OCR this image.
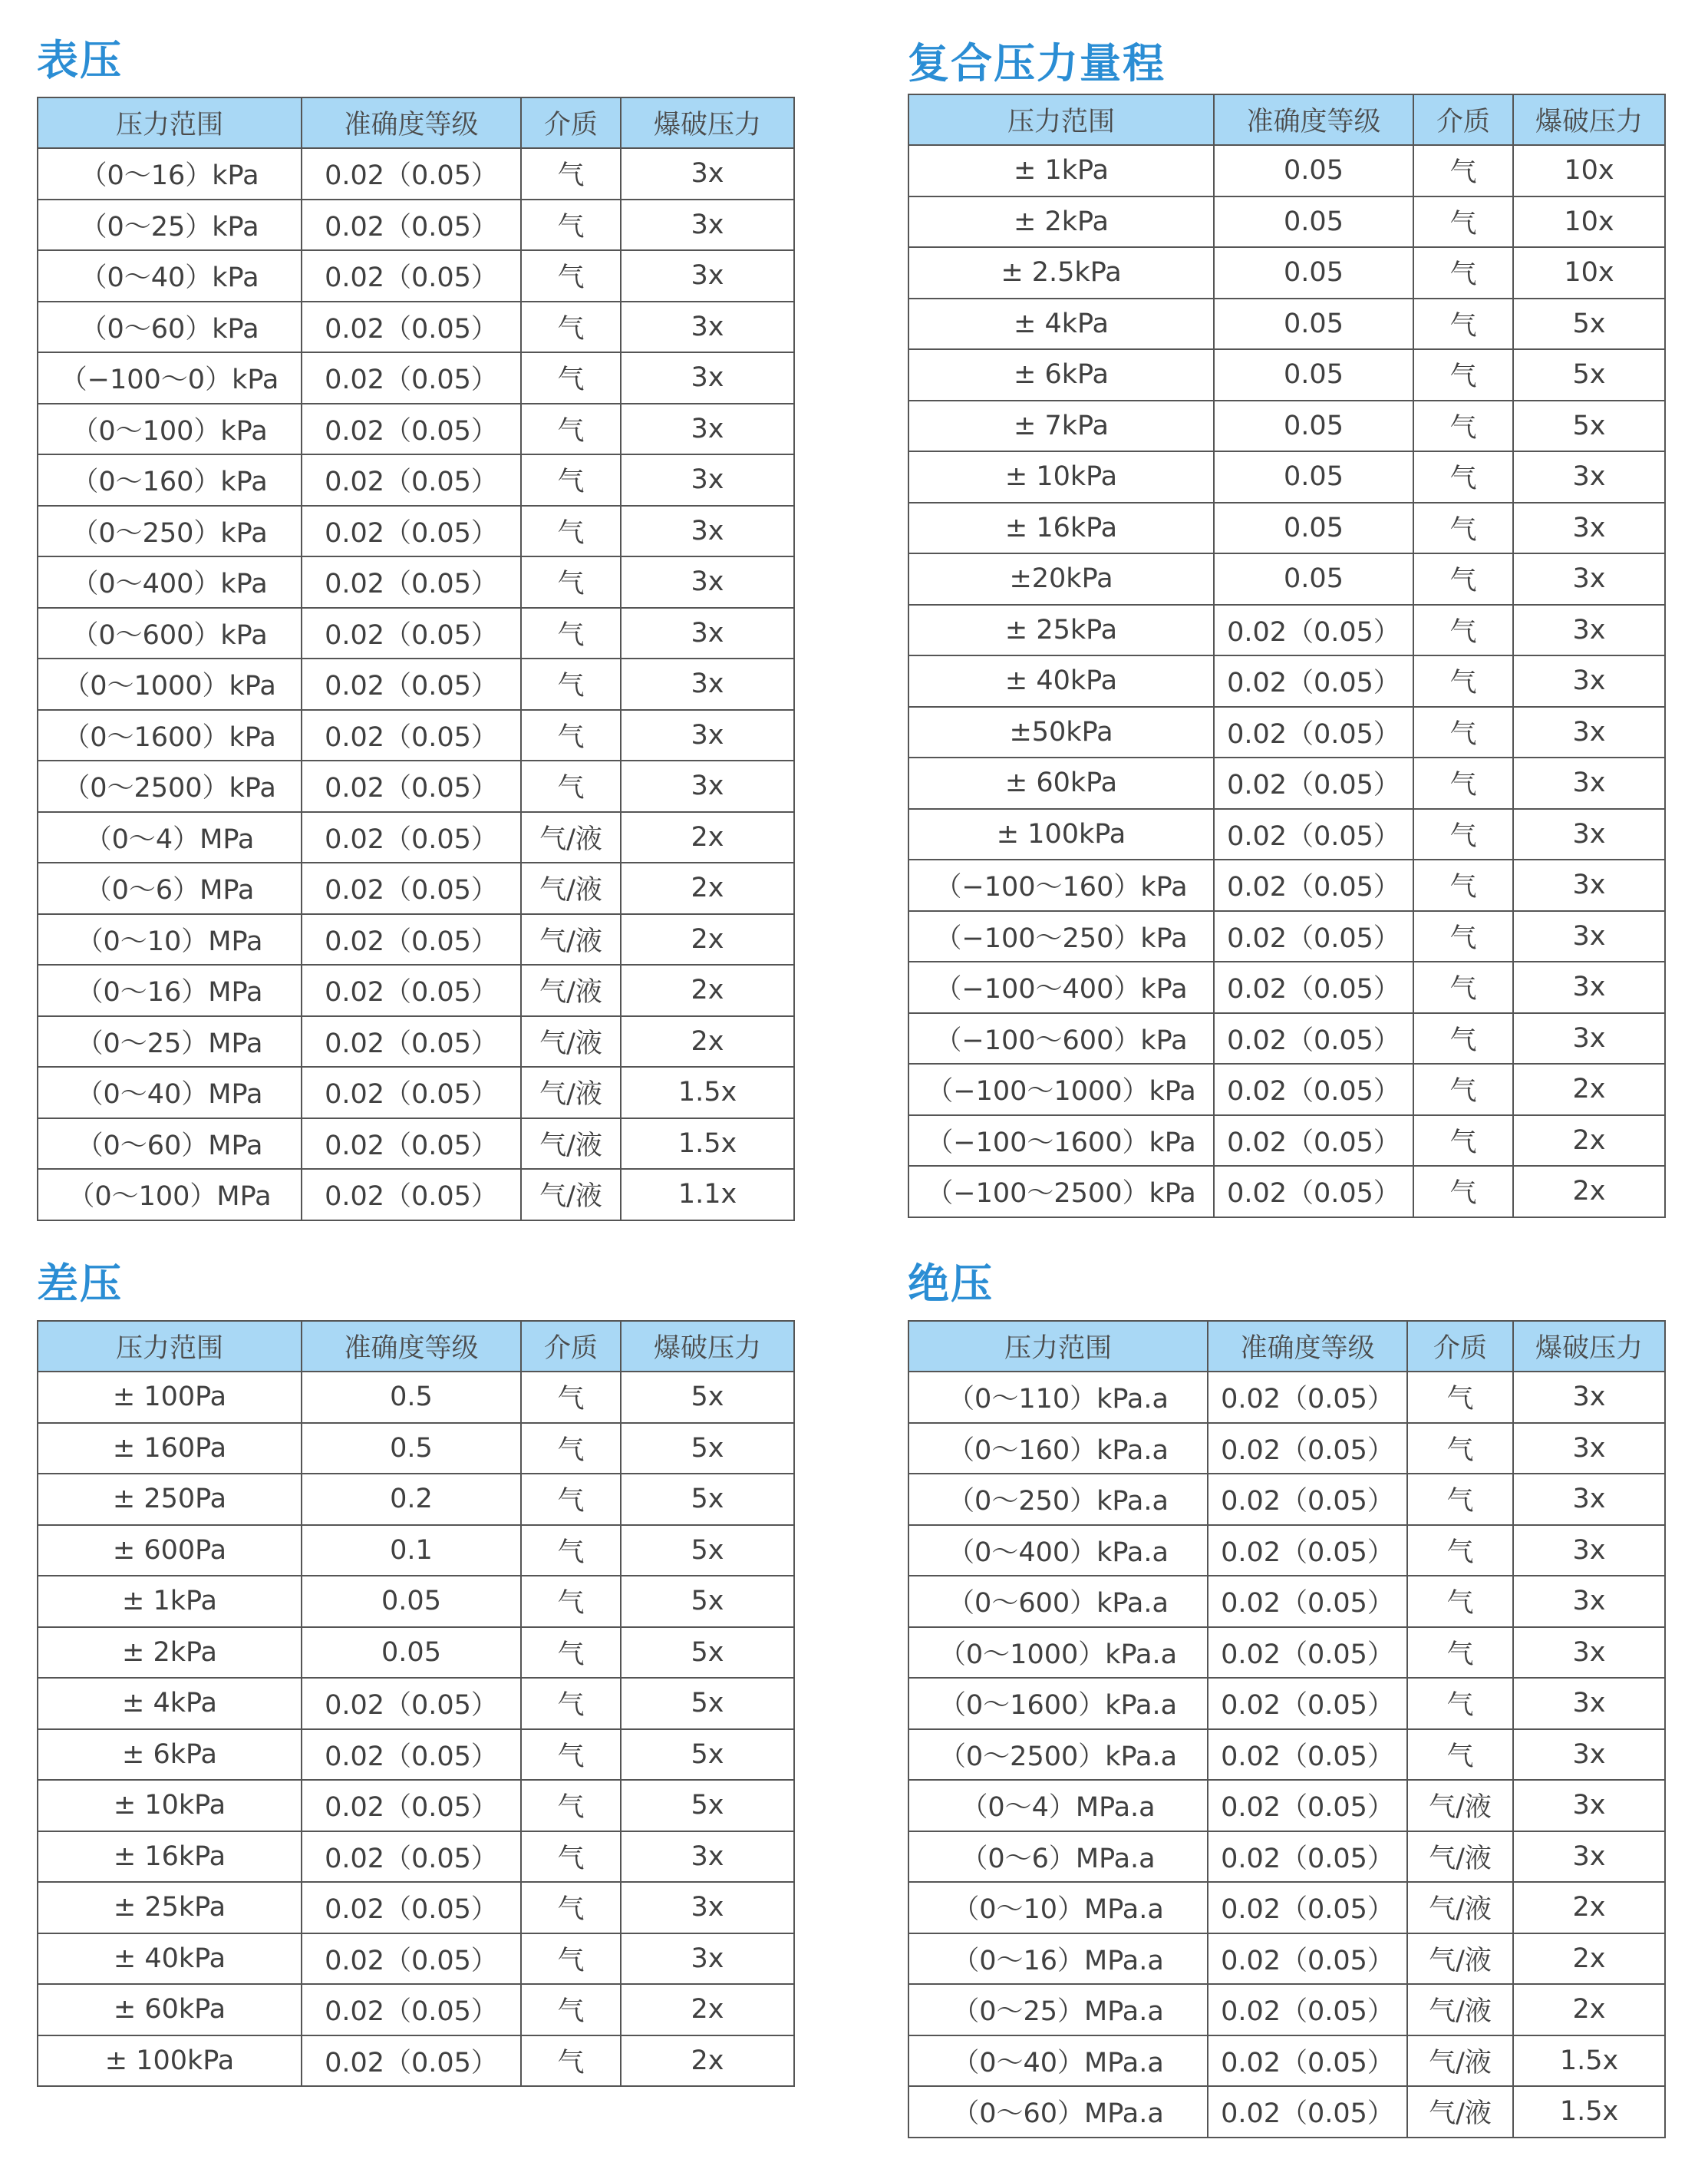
表压
压力范围	准确度等级	介质	爆破压力
（0～16）kPa	0.02（0.05）	气	3x
（0～25）kPa	0.02（0.05）	气	3x
（0～40）kPa	0.02（0.05）	气	3x
（0～60）kPa	0.02（0.05）	气	3x
（−100～0）kPa	0.02（0.05）	气	3x
（0～100）kPa	0.02（0.05）	气	3x
（0～160）kPa	0.02（0.05）	气	3x
（0～250）kPa	0.02（0.05）	气	3x
（0～400）kPa	0.02（0.05）	气	3x
（0～600）kPa	0.02（0.05）	气	3x
（0～1000）kPa	0.02（0.05）	气	3x
（0～1600）kPa	0.02（0.05）	气	3x
（0～2500）kPa	0.02（0.05）	气	3x
（0～4）MPa	0.02（0.05）	气/液	2x
（0～6）MPa	0.02（0.05）	气/液	2x
（0～10）MPa	0.02（0.05）	气/液	2x
（0～16）MPa	0.02（0.05）	气/液	2x
（0～25）MPa	0.02（0.05）	气/液	2x
（0～40）MPa	0.02（0.05）	气/液	1.5x
（0～60）MPa	0.02（0.05）	气/液	1.5x
（0～100）MPa	0.02（0.05）	气/液	1.1x
复合压力量程
压力范围	准确度等级	介质	爆破压力
± 1kPa	0.05	气	10x
± 2kPa	0.05	气	10x
± 2.5kPa	0.05	气	10x
± 4kPa	0.05	气	5x
± 6kPa	0.05	气	5x
± 7kPa	0.05	气	5x
± 10kPa	0.05	气	3x
± 16kPa	0.05	气	3x
±20kPa	0.05	气	3x
± 25kPa	0.02（0.05）	气	3x
± 40kPa	0.02（0.05）	气	3x
±50kPa	0.02（0.05）	气	3x
± 60kPa	0.02（0.05）	气	3x
± 100kPa	0.02（0.05）	气	3x
（−100～160）kPa	0.02（0.05）	气	3x
（−100～250）kPa	0.02（0.05）	气	3x
（−100～400）kPa	0.02（0.05）	气	3x
（−100～600）kPa	0.02（0.05）	气	3x
（−100～1000）kPa	0.02（0.05）	气	2x
（−100～1600）kPa	0.02（0.05）	气	2x
（−100～2500）kPa	0.02（0.05）	气	2x
差压
压力范围	准确度等级	介质	爆破压力
± 100Pa	0.5	气	5x
± 160Pa	0.5	气	5x
± 250Pa	0.2	气	5x
± 600Pa	0.1	气	5x
± 1kPa	0.05	气	5x
± 2kPa	0.05	气	5x
± 4kPa	0.02（0.05）	气	5x
± 6kPa	0.02（0.05）	气	5x
± 10kPa	0.02（0.05）	气	5x
± 16kPa	0.02（0.05）	气	3x
± 25kPa	0.02（0.05）	气	3x
± 40kPa	0.02（0.05）	气	3x
± 60kPa	0.02（0.05）	气	2x
± 100kPa	0.02（0.05）	气	2x
绝压
压力范围	准确度等级	介质	爆破压力
（0～110）kPa.a	0.02（0.05）	气	3x
（0～160）kPa.a	0.02（0.05）	气	3x
（0～250）kPa.a	0.02（0.05）	气	3x
（0～400）kPa.a	0.02（0.05）	气	3x
（0～600）kPa.a	0.02（0.05）	气	3x
（0～1000）kPa.a	0.02（0.05）	气	3x
（0～1600）kPa.a	0.02（0.05）	气	3x
（0～2500）kPa.a	0.02（0.05）	气	3x
（0～4）MPa.a	0.02（0.05）	气/液	3x
（0～6）MPa.a	0.02（0.05）	气/液	3x
（0～10）MPa.a	0.02（0.05）	气/液	2x
（0～16）MPa.a	0.02（0.05）	气/液	2x
（0～25）MPa.a	0.02（0.05）	气/液	2x
（0～40）MPa.a	0.02（0.05）	气/液	1.5x
（0～60）MPa.a	0.02（0.05）	气/液	1.5x
